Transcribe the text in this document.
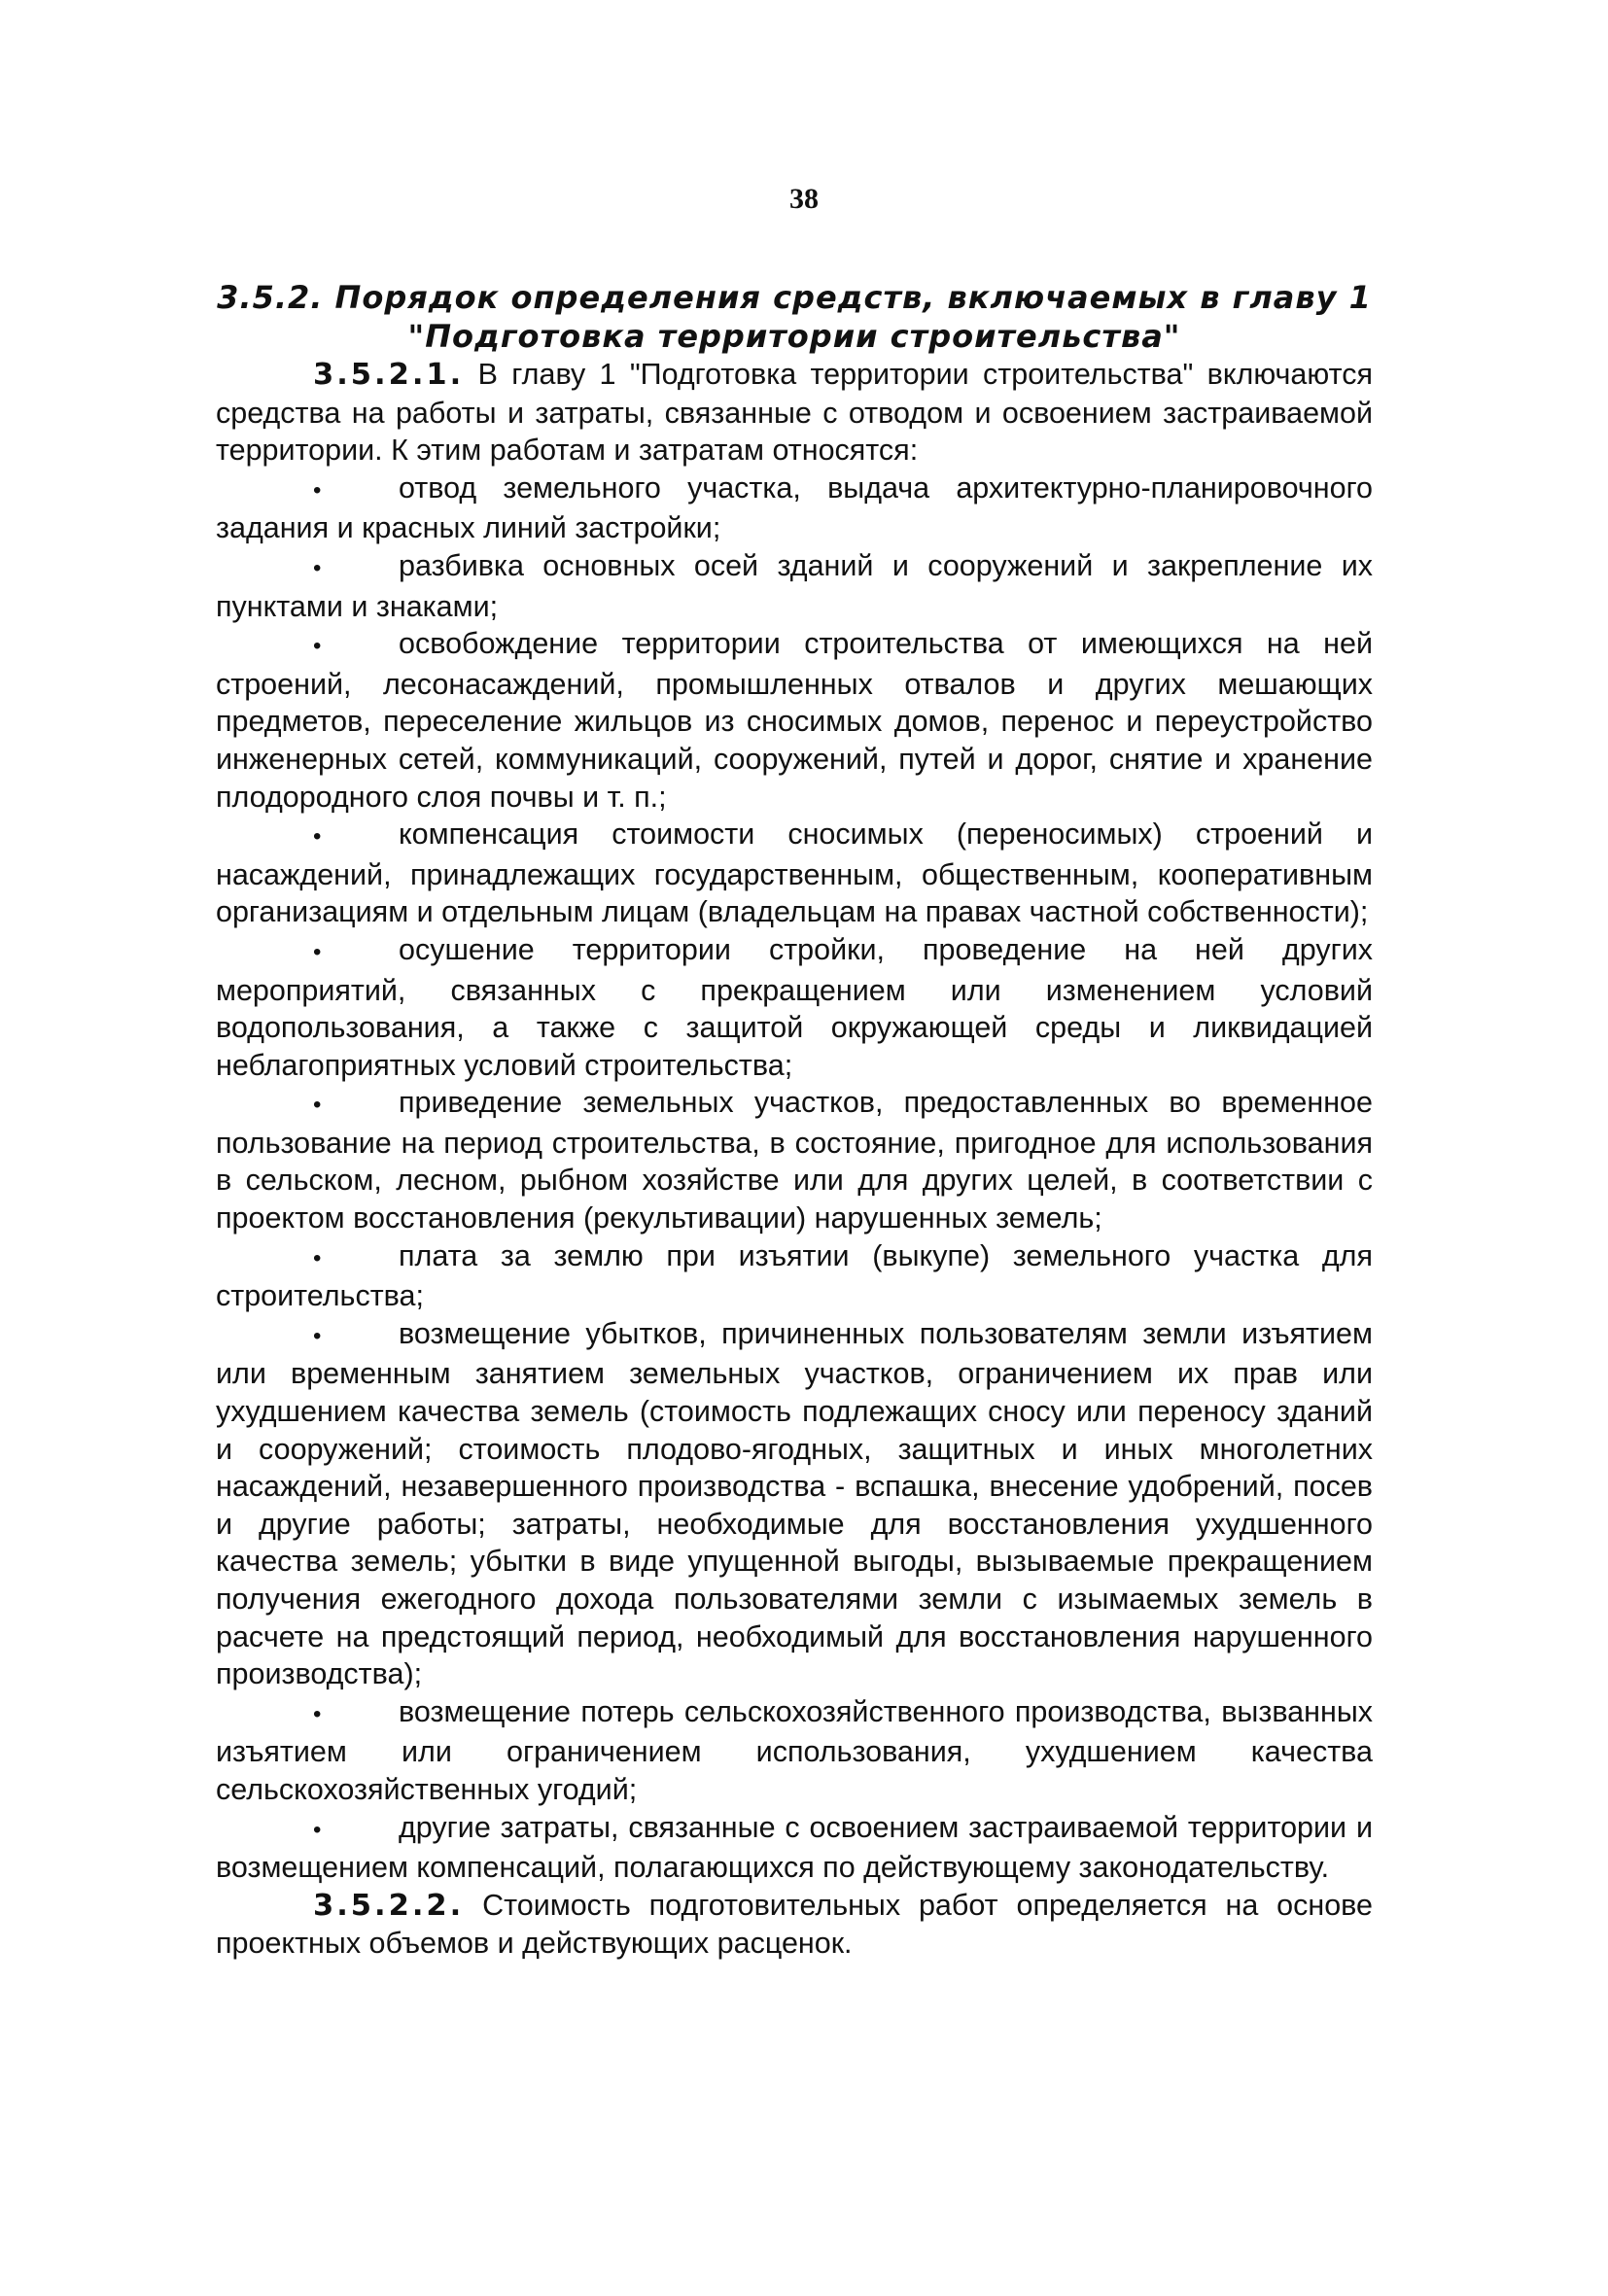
38
3.5.2. Порядок определения средств, включаемых в главу 1
"Подготовка территории строительства"

3.5.2.1. В главу 1 "Подготовка территории строительства" включаются средства на работы и затраты, связанные с отводом и освоением застраиваемой территории. К этим работам и затратам относятся:

•	отвод земельного участка, выдача архитектурно-планировочного задания и красных линий застройки;

•	разбивка основных осей зданий и сооружений и закрепление их пунктами и знаками;

•	освобождение территории строительства от имеющихся на ней строений, лесонасаждений, промышленных отвалов и других мешающих предметов, переселение жильцов из сносимых домов, перенос и переустройство инженерных сетей, коммуникаций, сооружений, путей и дорог, снятие и хранение плодородного слоя почвы и т. п.;

•	компенсация стоимости сносимых (переносимых) строений и насаждений, принадлежащих государственным, общественным, кооперативным организациям и отдельным лицам (владельцам на правах частной собственности);

•	осушение территории стройки, проведение на ней других мероприятий, связанных с прекращением или изменением условий водопользования, а также с защитой окружающей среды и ликвидацией неблагоприятных условий строительства;

•	приведение земельных участков, предоставленных во временное пользование на период строительства, в состояние, пригодное для использования в сельском, лесном, рыбном хозяйстве или для других целей, в соответствии с проектом восстановления (рекультивации) нарушенных земель;

•	плата за землю при изъятии (выкупе) земельного участка для строительства;

•	возмещение убытков, причиненных пользователям земли изъятием или временным занятием земельных участков, ограничением их прав или ухудшением качества земель (стоимость подлежащих сносу или переносу зданий и сооружений; стоимость плодово-ягодных, защитных и иных многолетних насаждений, незавершенного производства - вспашка, внесение удобрений, посев и другие работы; затраты, необходимые для восстановления ухудшенного качества земель; убытки в виде упущенной выгоды, вызываемые прекращением получения ежегодного дохода пользователями земли с изымаемых земель в расчете на предстоящий период, необходимый для восстановления нарушенного производства);

•	возмещение потерь сельскохозяйственного производства, вызванных изъятием или ограничением использования, ухудшением качества сельскохозяйственных угодий;

•	другие затраты, связанные с освоением застраиваемой территории и возмещением компенсаций, полагающихся по действующему законодательству.

3.5.2.2. Стоимость подготовительных работ определяется на основе проектных объемов и действующих расценок.
